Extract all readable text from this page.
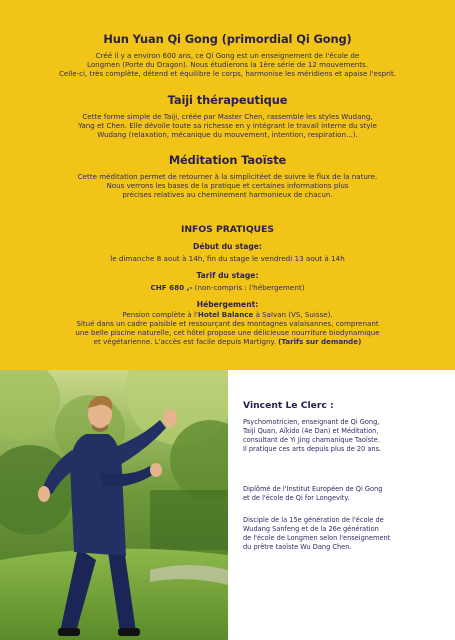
Hun Yuan Qi Gong (primordial Qi Gong)
Créé il y a environ 600 ans, ce Qi Gong est un enseignement de l'école de
Longmen (Porte du Dragon). Nous étudierons la 1ère série de 12 mouvements.
Celle-ci, très complète, détend et équilibre le corps, harmonise les méridiens et apaise l'esprit.
Taiji thérapeutique
Cette forme simple de Taiji, créée par Master Chen, rassemble les styles Wudang,
Yang et Chen. Elle dévoile toute sa richesse en y intégrant le travail interne du style
Wudang (relaxation, mécanique du mouvement, intention, respiration...).
Méditation Taoïste
Cette méditation permet de retourner à la simplicitéet de suivre le flux de la nature.
Nous verrons les bases de la pratique et certaines informations plus
précises relatives au cheminement harmonieux de chacun.
INFOS PRATIQUES
Début du stage:
le dimanche 8 aout à 14h, fin du stage le vendredi 13 aout à 14h
Tarif du stage:
CHF 680 ,- (non-compris : l'hébergement)
Hébergement:
Pension complète à l'Hotel Balance à Salvan (VS, Suisse).
Situé dans un cadre paisible et ressourçant des montagnes valaisannes, comprenant
une belle piscine naturelle, cet hôtel propose une délicieuse nourriture biodynamique
et végétarienne. L'accès est facile depuis Martigny. (Tarifs sur demande)
Vincent Le Clerc :
Psychomotricien, enseignant de Qi Gong,
Taiji Quan, Aïkido (4e Dan) et Méditation,
consultant de Yi Jing chamanique Taoïste.
Il pratique ces arts depuis plus de 20 ans.
Diplômé de l'Institut Européen de Qi Gong
et de l'école de Qi for Longevity.
Disciple de la 15e génération de l'école de
Wudang Sanfeng et de la 26e génération
de l'école de Longmen selon l'enseignement
du prêtre taoïste Wu Dang Chen.
